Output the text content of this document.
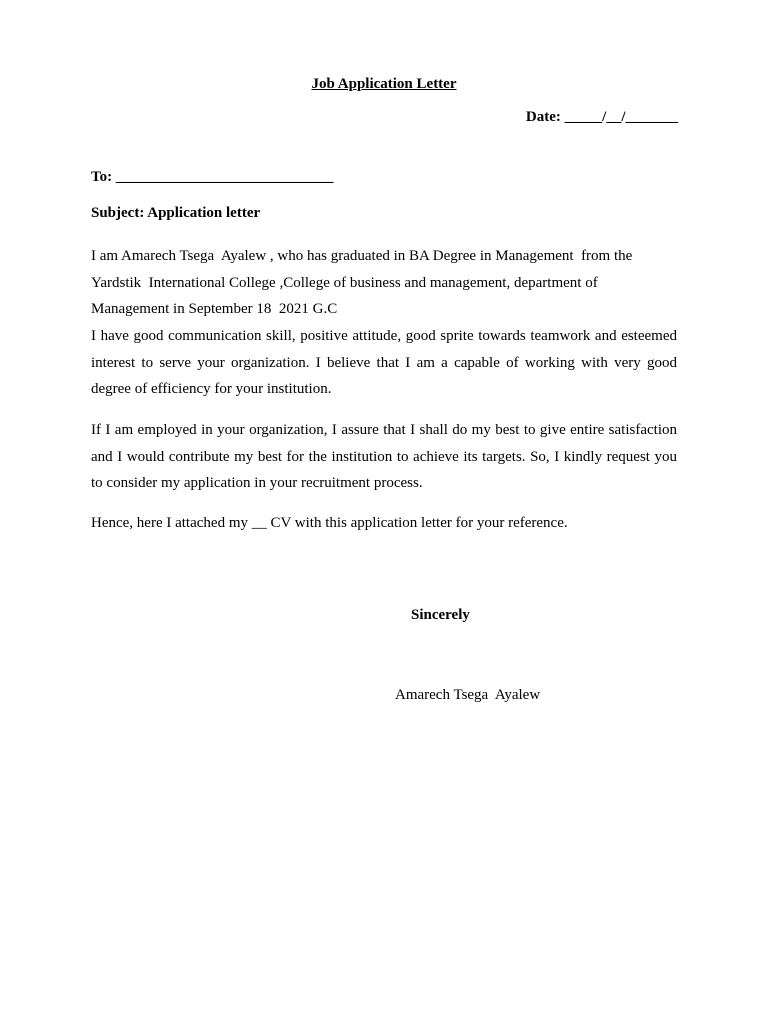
Job Application Letter
Date: _____/__/_______
To: _____________________________
Subject: Application letter
I am Amarech Tsega  Ayalew , who has graduated in BA Degree in Management  from the
Yardstik  International College ,College of business and management, department of
Management in September 18  2021 G.C
I have good communication skill, positive attitude, good sprite towards teamwork and esteemed interest to serve your organization. I believe that I am a capable of working with very good degree of efficiency for your institution.
If I am employed in your organization, I assure that I shall do my best to give entire satisfaction and I would contribute my best for the institution to achieve its targets. So, I kindly request you to consider my application in your recruitment process.
Hence, here I attached my __ CV with this application letter for your reference.
Sincerely
Amarech Tsega  Ayalew
